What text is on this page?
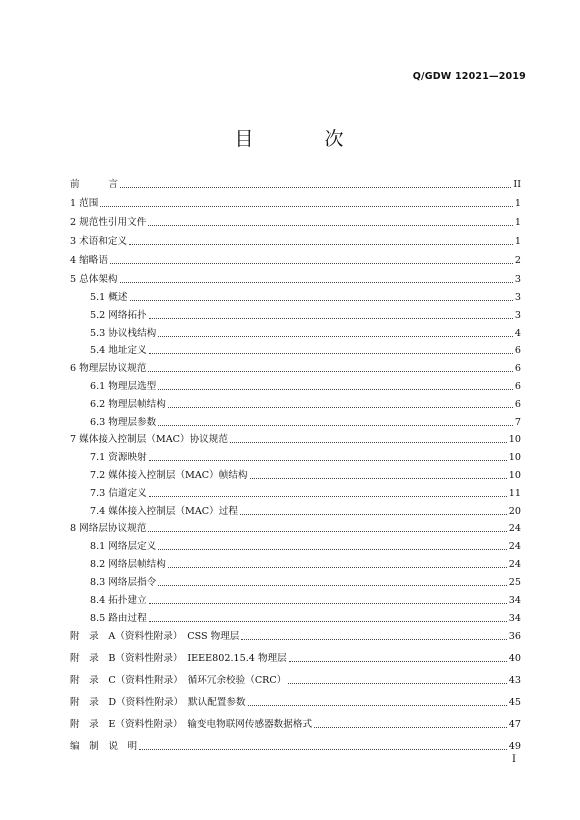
Q/GDW 12021—2019
目　次
前　　　言	II
1 范围	1
2 规范性引用文件	1
3 术语和定义	1
4 缩略语	2
5 总体架构	3
5.1 概述	3
5.2 网络拓扑	3
5.3 协议栈结构	4
5.4 地址定义	6
6 物理层协议规范	6
6.1 物理层选型	6
6.2 物理层帧结构	6
6.3 物理层参数	7
7 媒体接入控制层（MAC）协议规范	10
7.1 资源映射	10
7.2 媒体接入控制层（MAC）帧结构	10
7.3 信道定义	11
7.4 媒体接入控制层（MAC）过程	20
8 网络层协议规范	24
8.1 网络层定义	24
8.2 网络层帧结构	24
8.3 网络层指令	25
8.4 拓扑建立	34
8.5 路由过程	34
附　录　A（资料性附录）　CSS 物理层	36
附　录　B（资料性附录）　IEEE802.15.4 物理层	40
附　录　C（资料性附录）　循环冗余校验（CRC）	43
附　录　D（资料性附录）　默认配置参数	45
附　录　E（资料性附录）　输变电物联网传感器数据格式	47
编　制　说　明	49
I
